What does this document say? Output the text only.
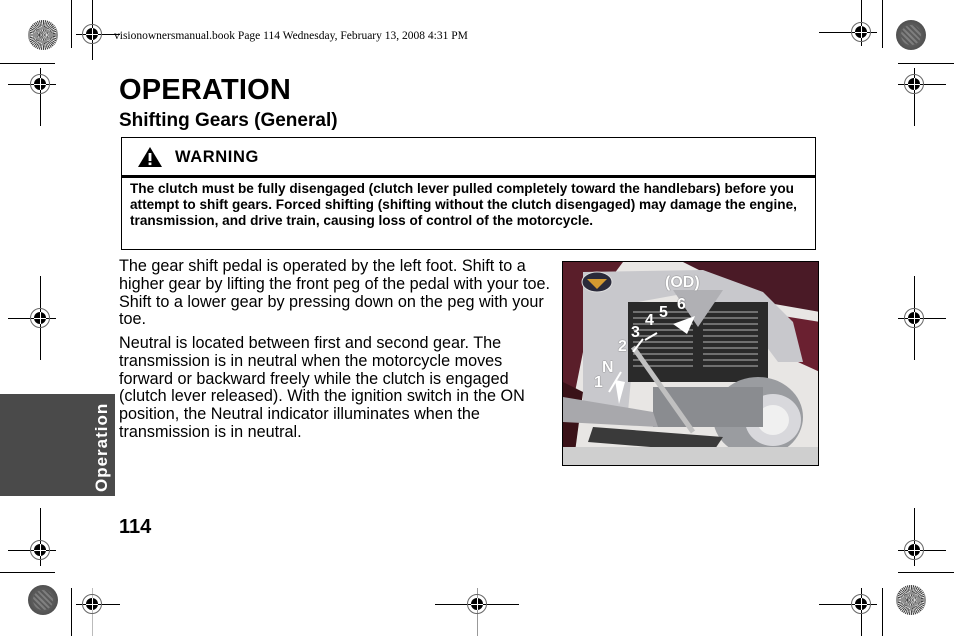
visionownersmanual.book Page 114 Wednesday, February 13, 2008 4:31 PM
OPERATION
Shifting Gears (General)
WARNING
The clutch must be fully disengaged (clutch lever pulled completely toward the handlebars) before you attempt to shift gears. Forced shifting (shifting without the clutch disengaged) may damage the engine, transmission, and drive train, causing loss of control of the motorcycle.
The gear shift pedal is operated by the left foot. Shift to a higher gear by lifting the front peg of the pedal with your toe. Shift to a lower gear by pressing down on the peg with your toe.
Neutral is located between first and second gear. The transmission is in neutral when the motorcycle moves forward or backward freely while the clutch is engaged (clutch lever released). With the ignition switch in the ON position, the Neutral indicator illuminates when the transmission is in neutral.
(OD)
6
5
4
3
2
N
1
Operation
114
